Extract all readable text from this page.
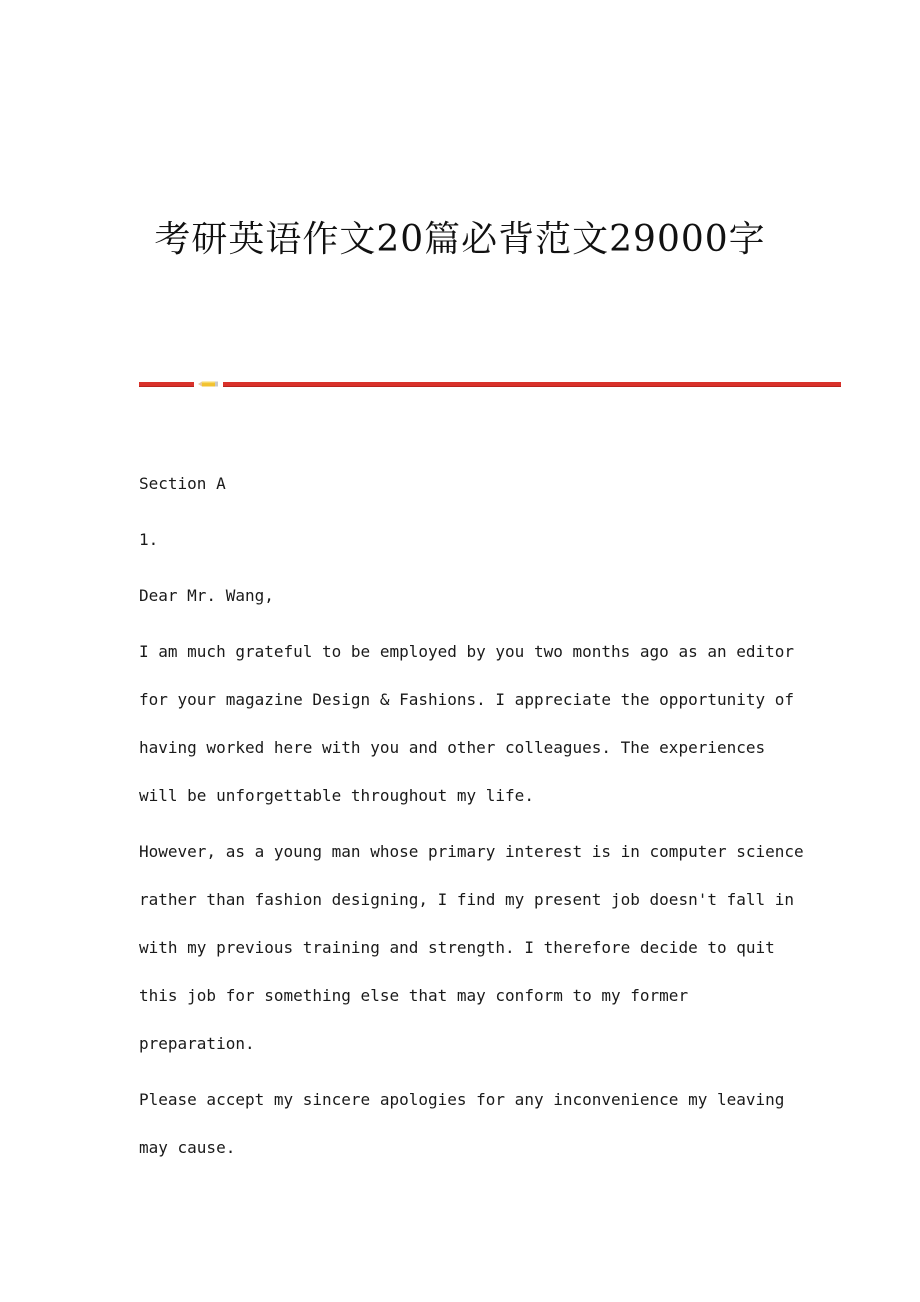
考研英语作文20篇必背范文29000字

Section A

1.

Dear Mr. Wang,

I am much grateful to be employed by you two months ago as an editor
for your magazine Design & Fashions. I appreciate the opportunity of
having worked here with you and other colleagues. The experiences
will be unforgettable throughout my life.

However, as a young man whose primary interest is in computer science
rather than fashion designing, I find my present job doesn't fall in
with my previous training and strength. I therefore decide to quit
this job for something else that may conform to my former
preparation.

Please accept my sincere apologies for any inconvenience my leaving
may cause.
